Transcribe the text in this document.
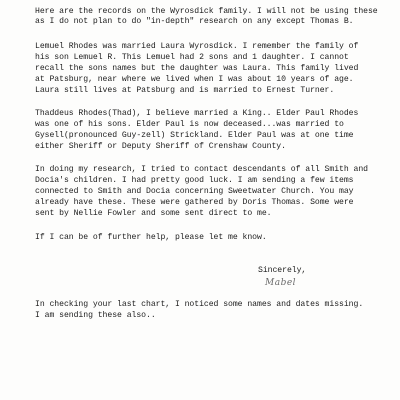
Here are the records on the Wyrosdick family. I will not be using these
as I do not plan to do "in-depth" research on any except Thomas B.
Lemuel Rhodes was married Laura Wyrosdick. I remember the family of
his son Lemuel R. This Lemuel had 2 sons and 1 daughter. I cannot
recall the sons names but the daughter was Laura. This family lived
at Patsburg, near where we lived when I was about 10 years of age.
Laura still lives at Patsburg and is married to Ernest Turner.
Thaddeus Rhodes(Thad), I believe married a King.. Elder Paul Rhodes
was one of his sons. Elder Paul is now deceased...was married to
Gysell(pronounced Guy-zell) Strickland. Elder Paul was at one time
either Sheriff or Deputy Sheriff of Crenshaw County.
In doing my research, I tried to contact descendants of all Smith and
Docia's children. I had pretty good luck. I am sending a few items
connected to Smith and Docia concerning Sweetwater Church. You may
already have these. These were gathered by Doris Thomas. Some were
sent by Nellie Fowler and some sent direct to me.
If I can be of further help, please let me know.
Sincerely,
Mabel
In checking your last chart, I noticed some names and dates missing.
I am sending these also..
